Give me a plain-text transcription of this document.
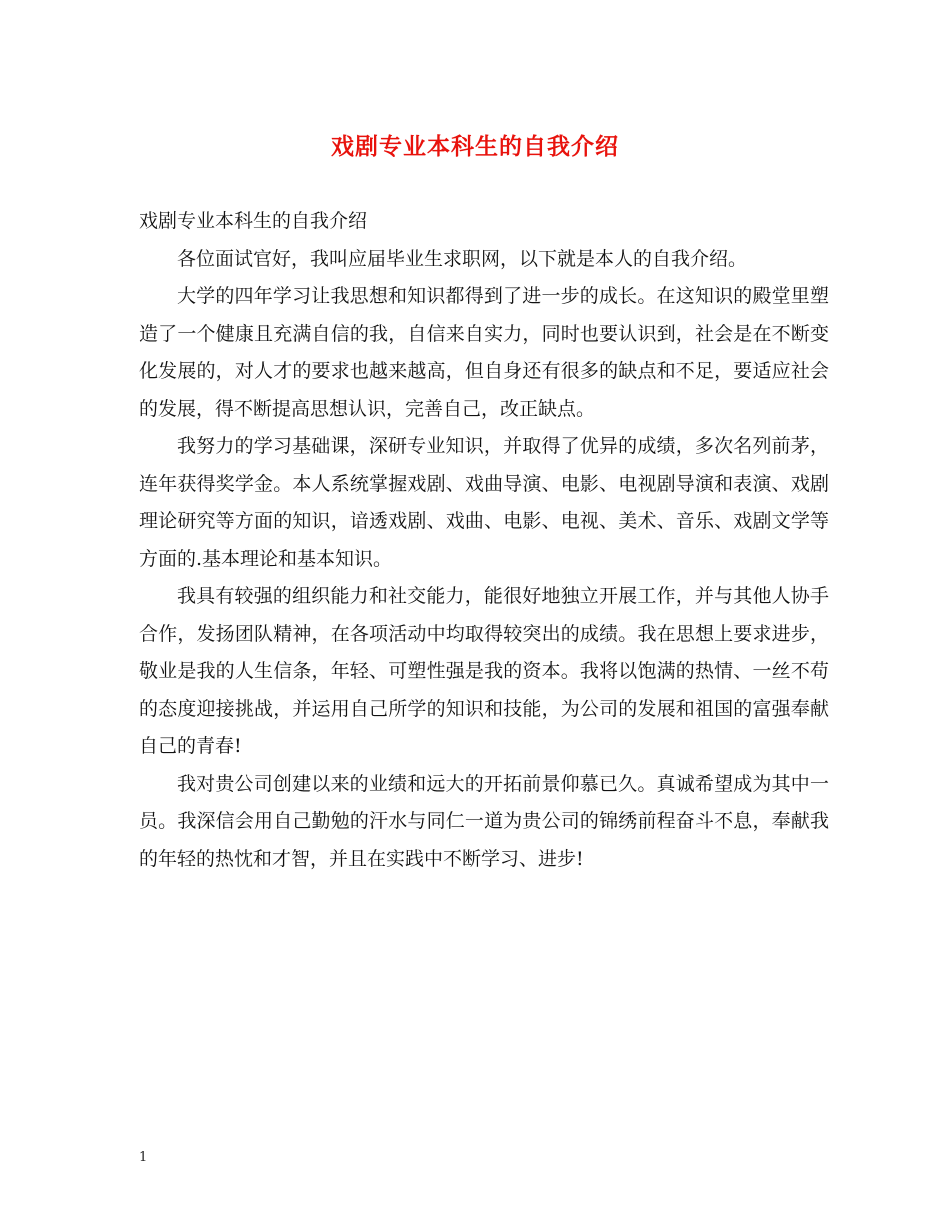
戏剧专业本科生的自我介绍

戏剧专业本科生的自我介绍

各位面试官好，我叫应届毕业生求职网，以下就是本人的自我介绍。

大学的四年学习让我思想和知识都得到了进一步的成长。在这知识的殿堂里塑造了一个健康且充满自信的我，自信来自实力，同时也要认识到，社会是在不断变化发展的，对人才的要求也越来越高，但自身还有很多的缺点和不足，要适应社会的发展，得不断提高思想认识，完善自己，改正缺点。

我努力的学习基础课，深研专业知识，并取得了优异的成绩，多次名列前茅，连年获得奖学金。本人系统掌握戏剧、戏曲导演、电影、电视剧导演和表演、戏剧理论研究等方面的知识，谙透戏剧、戏曲、电影、电视、美术、音乐、戏剧文学等方面的.基本理论和基本知识。

我具有较强的组织能力和社交能力，能很好地独立开展工作，并与其他人协手合作，发扬团队精神，在各项活动中均取得较突出的成绩。我在思想上要求进步，敬业是我的人生信条，年轻、可塑性强是我的资本。我将以饱满的热情、一丝不苟的态度迎接挑战，并运用自己所学的知识和技能，为公司的发展和祖国的富强奉献自己的青春!

我对贵公司创建以来的业绩和远大的开拓前景仰慕已久。真诚希望成为其中一员。我深信会用自己勤勉的汗水与同仁一道为贵公司的锦绣前程奋斗不息，奉献我的年轻的热忱和才智，并且在实践中不断学习、进步!

1
